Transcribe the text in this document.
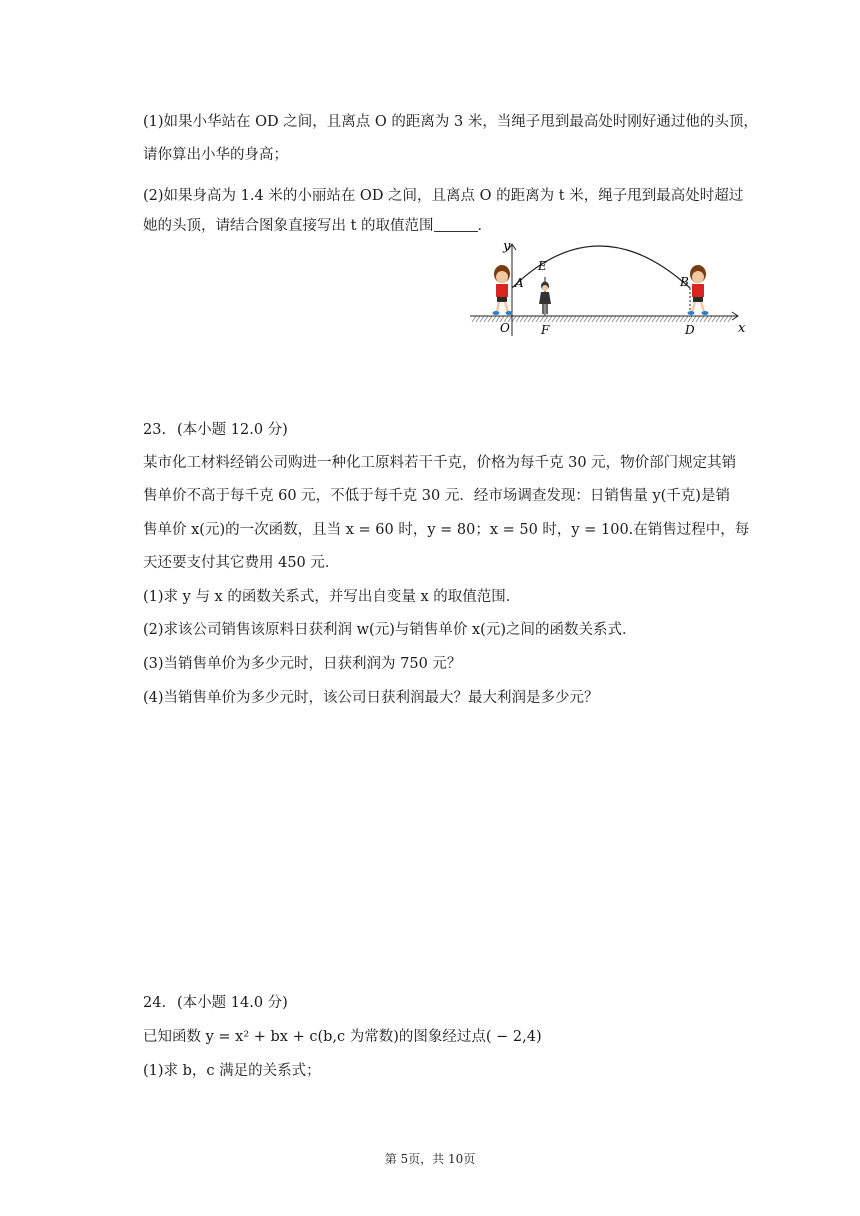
(1)如果小华站在 OD 之间，且离点 O 的距离为 3 米，当绳子甩到最高处时刚好通过他的头顶，
请你算出小华的身高；
(2)如果身高为 1.4 米的小丽站在 OD 之间，且离点 O 的距离为 t 米，绳子甩到最高处时超过
她的头顶，请结合图象直接写出 t 的取值范围	．
x
y
A
E
B
O	F	D
23. (本小题 12.0 分)
某市化工材料经销公司购进一种化工原料若干千克，价格为每千克 30 元，物价部门规定其销
售单价不高于每千克 60 元，不低于每千克 30 元．经市场调查发现：日销售量 y(千克)是销
售单价 x(元)的一次函数，且当 x = 60 时，y = 80；x = 50 时，y = 100.在销售过程中，每
天还要支付其它费用 450 元．
(1)求 y 与 x 的函数关系式，并写出自变量 x 的取值范围．
(2)求该公司销售该原料日获利润 w(元)与销售单价 x(元)之间的函数关系式．
(3)当销售单价为多少元时，日获利润为 750 元？
(4)当销售单价为多少元时，该公司日获利润最大？最大利润是多少元？
24. (本小题 14.0 分)
已知函数 y = x² + bx + c(b,c 为常数)的图象经过点( − 2,4)
(1)求 b，c 满足的关系式；
第 5页，共 10页
